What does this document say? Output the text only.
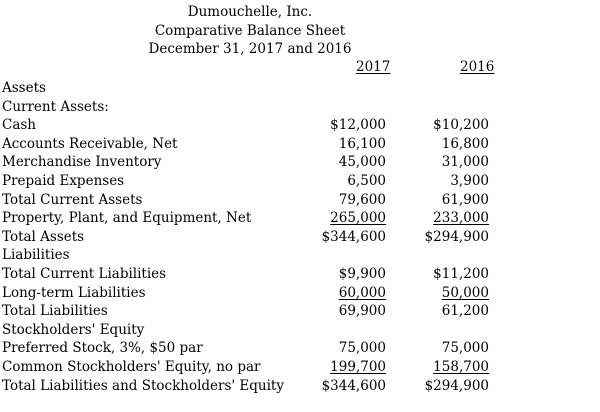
Dumouchelle, Inc.
Comparative Balance Sheet
December 31, 2017 and 2016
2017	2016
Assets
Current Assets:
Cash	$12,000	$10,200
Accounts Receivable, Net	16,100	16,800
Merchandise Inventory	45,000	31,000
Prepaid Expenses	6,500	3,900
Total Current Assets	79,600	61,900
Property, Plant, and Equipment, Net	265,000	233,000
Total Assets	$344,600	$294,900
Liabilities
Total Current Liabilities	$9,900	$11,200
Long-term Liabilities	60,000	50,000
Total Liabilities	69,900	61,200
Stockholders' Equity
Preferred Stock, 3%, $50 par	75,000	75,000
Common Stockholders' Equity, no par	199,700	158,700
Total Liabilities and Stockholders' Equity	$344,600	$294,900
